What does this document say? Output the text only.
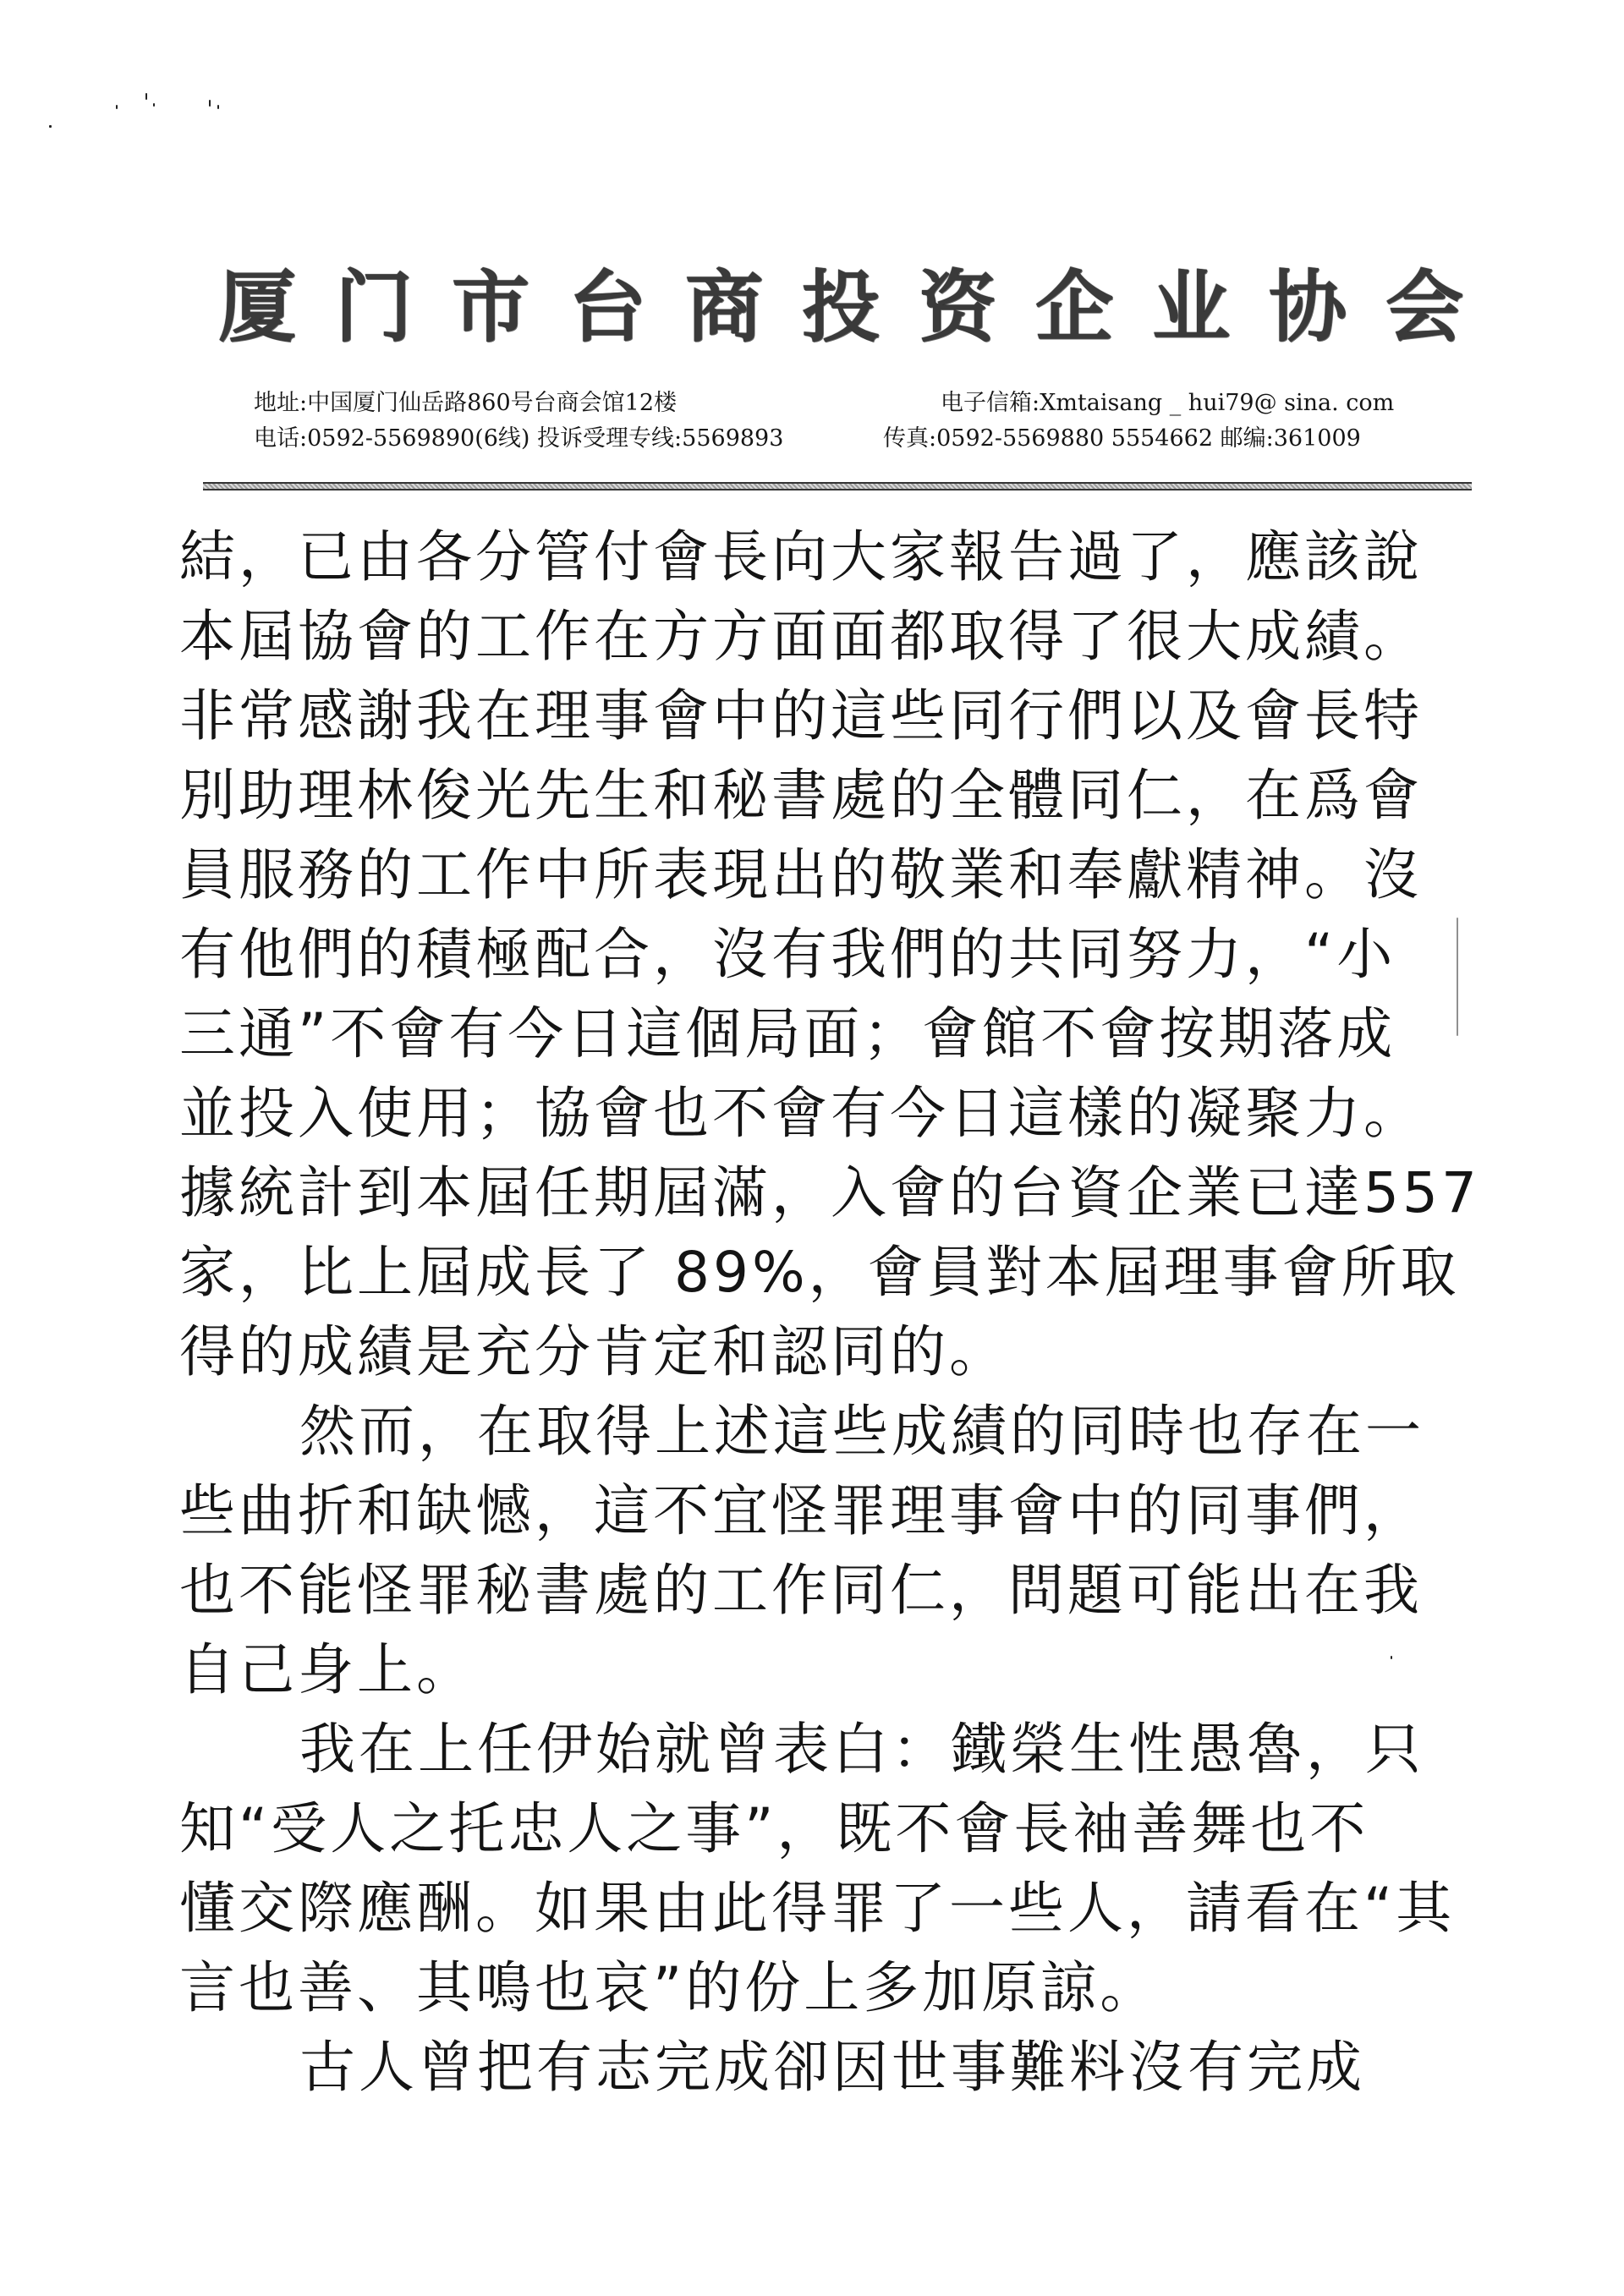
厦门市台商投资企业协会
地址:中国厦门仙岳路860号台商会馆12楼	电子信箱:Xmtaisang _ hui79@ sina. com
电话:0592-5569890(6线) 投诉受理专线:5569893	传真:0592-5569880 5554662 邮编:361009
結，已由各分管付會長向大家報告過了，應該說
本屆協會的工作在方方面面都取得了很大成績。
非常感謝我在理事會中的這些同行們以及會長特
別助理林俊光先生和秘書處的全體同仁，在爲會
員服務的工作中所表現出的敬業和奉獻精神。沒
有他們的積極配合，沒有我們的共同努力，“小
三通”不會有今日這個局面；會館不會按期落成
並投入使用；協會也不會有今日這樣的凝聚力。
據統計到本屆任期屆滿，入會的台資企業已達557
家，比上屆成長了 89%，會員對本屆理事會所取
得的成績是充分肯定和認同的。
然而，在取得上述這些成績的同時也存在一
些曲折和缺憾，這不宜怪罪理事會中的同事們，
也不能怪罪秘書處的工作同仁，問題可能出在我
自己身上。
我在上任伊始就曾表白：鐵榮生性愚魯，只
知“受人之托忠人之事”，既不會長袖善舞也不
懂交際應酬。如果由此得罪了一些人，請看在“其
言也善、其鳴也哀”的份上多加原諒。
古人曾把有志完成卻因世事難料沒有完成
